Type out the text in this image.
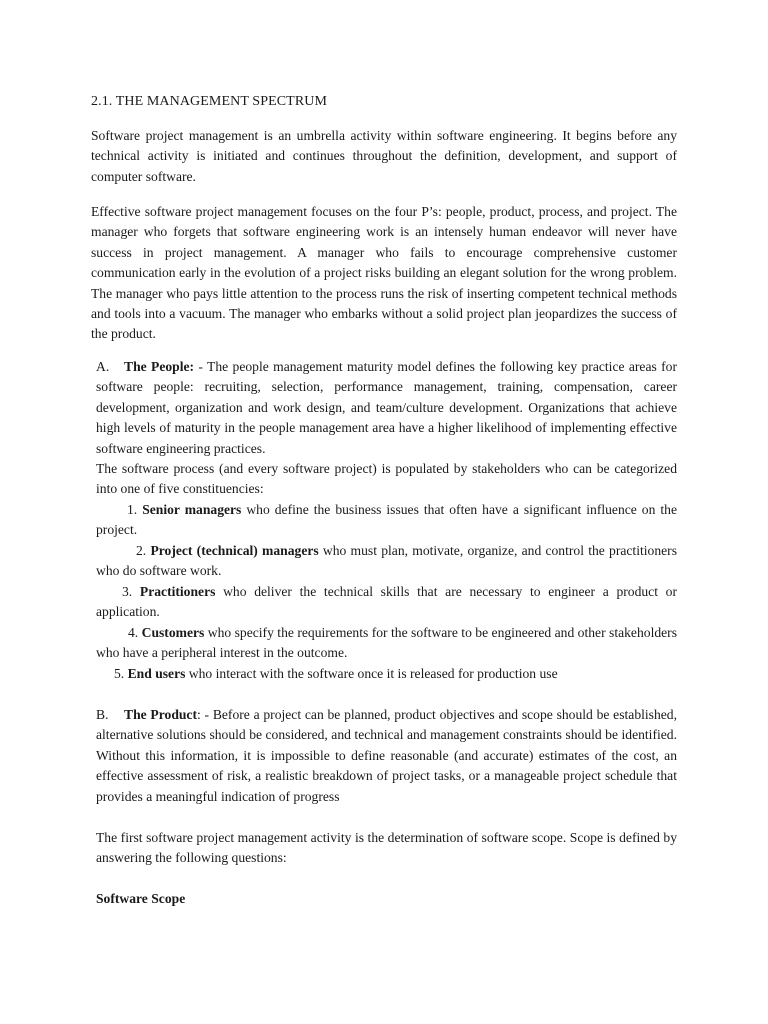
2.1. THE MANAGEMENT SPECTRUM

Software project management is an umbrella activity within software engineering. It begins before any technical activity is initiated and continues throughout the definition, development, and support of computer software.

Effective software project management focuses on the four P’s: people, product, process, and project. The manager who forgets that software engineering work is an intensely human endeavor will never have success in project management. A manager who fails to encourage comprehensive customer communication early in the evolution of a project risks building an elegant solution for the wrong problem. The manager who pays little attention to the process runs the risk of inserting competent technical methods and tools into a vacuum. The manager who embarks without a solid project plan jeopardizes the success of the product.

A. The People: - The people management maturity model defines the following key practice areas for software people: recruiting, selection, performance management, training, compensation, career development, organization and work design, and team/culture development. Organizations that achieve high levels of maturity in the people management area have a higher likelihood of implementing effective software engineering practices.

The software process (and every software project) is populated by stakeholders who can be categorized into one of five constituencies:

1. Senior managers who define the business issues that often have a significant influence on the project.

2. Project (technical) managers who must plan, motivate, organize, and control the practitioners who do software work.

3. Practitioners who deliver the technical skills that are necessary to engineer a product or application.

4. Customers who specify the requirements for the software to be engineered and other stakeholders who have a peripheral interest in the outcome.

5. End users who interact with the software once it is released for production use

B. The Product: - Before a project can be planned, product objectives and scope should be established, alternative solutions should be considered, and technical and management constraints should be identified. Without this information, it is impossible to define reasonable (and accurate) estimates of the cost, an effective assessment of risk, a realistic breakdown of project tasks, or a manageable project schedule that provides a meaningful indication of progress

The first software project management activity is the determination of software scope. Scope is defined by answering the following questions:

Software Scope
